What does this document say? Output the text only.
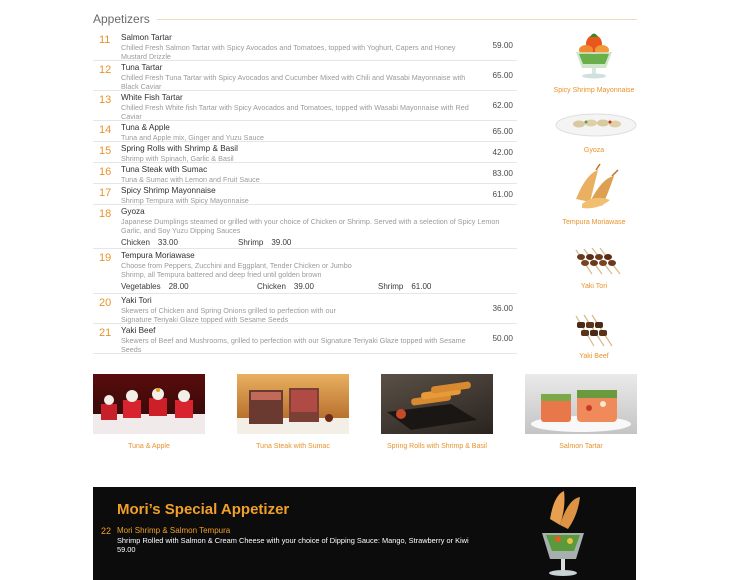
Appetizers
11 Salmon Tartar
Chilled Fresh Salmon Tartar with Spicy Avocados and Tomatoes, topped with Yoghurt, Capers and Honey Mustard Drizzle
59.00
12 Tuna Tartar
Chilled Fresh Tuna Tartar with Spicy Avocados and Cucumber Mixed with Chili and Wasabi Mayonnaise with Black Caviar
65.00
13 White Fish Tartar
Chilled Fresh White fish Tartar with Spicy Avocados and Tomatoes, topped with Wasabi Mayonnaise with Red Caviar
62.00
14 Tuna & Apple
Tuna and Apple mix, Ginger and Yuzu Sauce
65.00
15 Spring Rolls with Shrimp & Basil
Shrimp with Spinach, Garlic & Basil
42.00
16 Tuna Steak with Sumac
Tuna & Sumac with Lemon and Fruit Sauce
83.00
17 Spicy Shrimp Mayonnaise
Shrimp Tempura with Spicy Mayonnaise
61.00
18 Gyoza
Japanese Dumplings steamed or grilled with your choice of Chicken or Shrimp. Served with a selection of Spicy Lemon Garlic, and Soy Yuzu Dipping Sauces
Chicken 33.00	Shrimp 39.00
19 Tempura Moriawase
Choose from Peppers, Zucchini and Eggplant, Tender Chicken or Jumbo Shrimp, all Tempura battered and deep fried until golden brown
Vegetables 28.00	Chicken 39.00	Shrimp 61.00
20 Yaki Tori
Skewers of Chicken and Spring Onions grilled to perfection with our Signature Teriyaki Glaze topped with Sesame Seeds
36.00
21 Yaki Beef
Skewers of Beef and Mushrooms, grilled to perfection with our Signature Teriyaki Glaze topped with Sesame Seeds
50.00
Spicy Shrimp Mayonnaise
Gyoza
Tempura Moriawase
Yaki Tori
Yaki Beef
Tuna & Apple	Tuna Steak with Sumac	Spring Rolls with Shrimp & Basil	Salmon Tartar
Mori’s Special Appetizer
22 Mori Shrimp & Salmon Tempura
Shrimp Rolled with Salmon & Cream Cheese with your choice of Dipping Sauce: Mango, Strawberry or Kiwi
59.00
